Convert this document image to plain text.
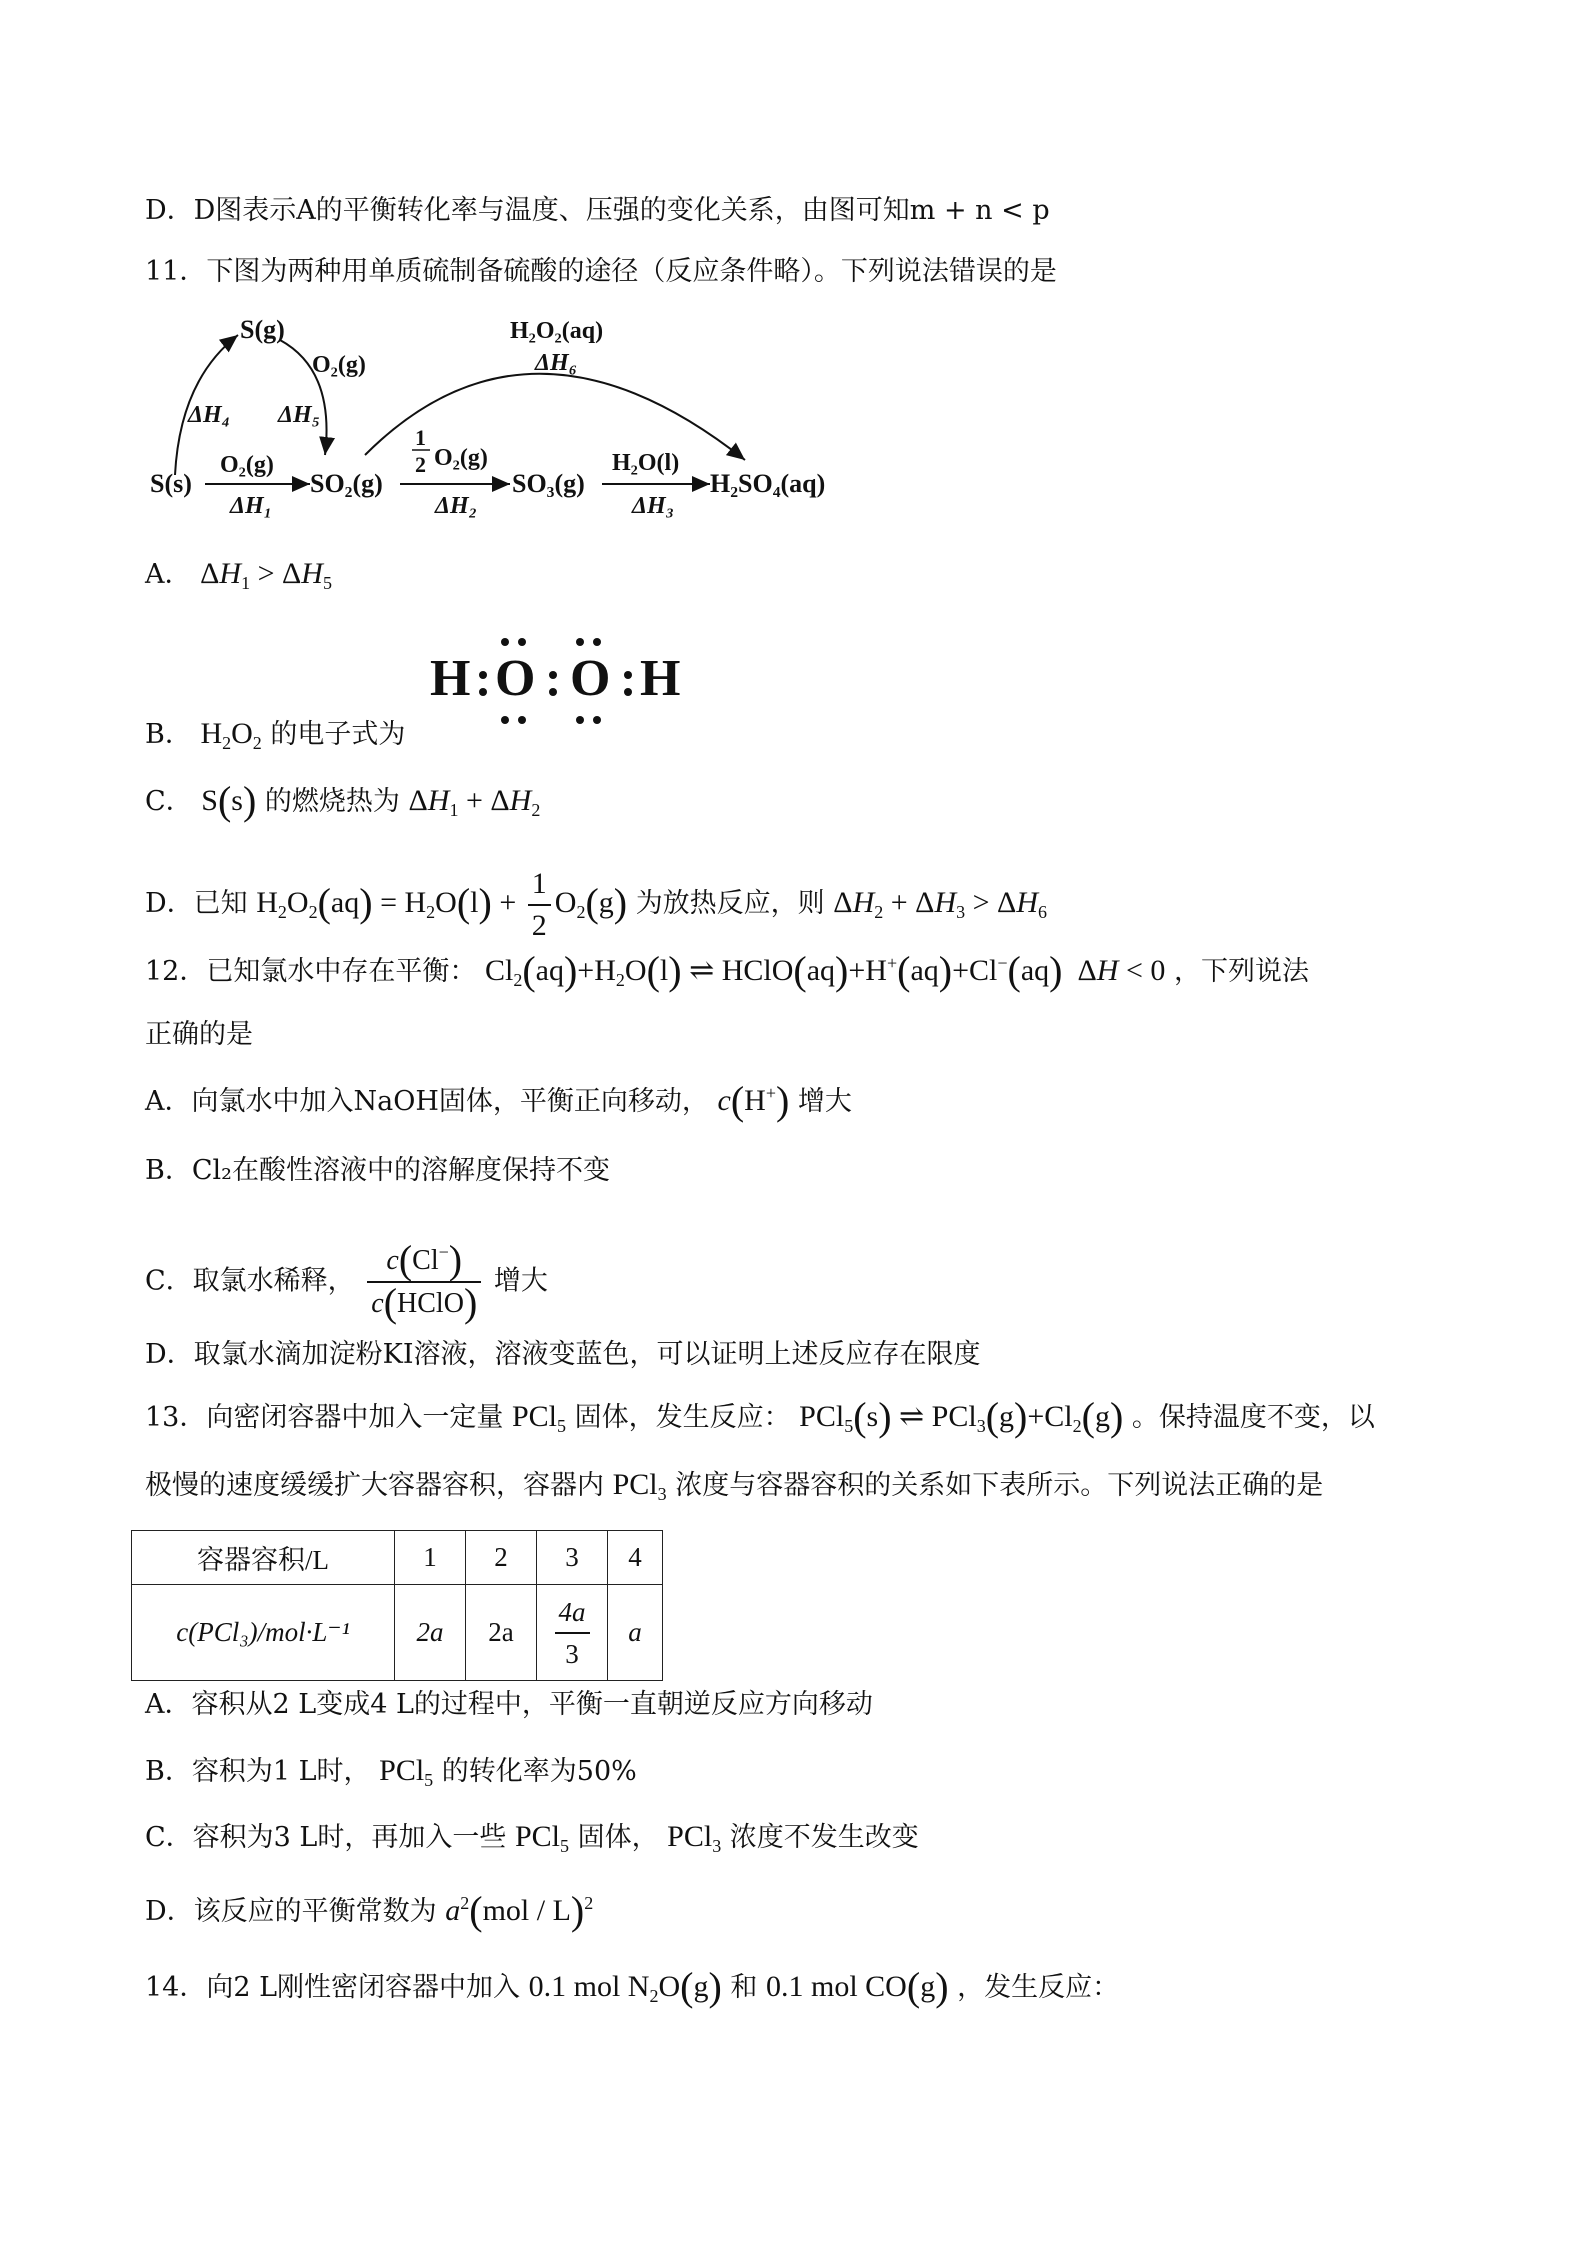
D．D图表示A的平衡转化率与温度、压强的变化关系，由图可知m + n < p
11．下图为两种用单质硫制备硫酸的途径（反应条件略）。下列说法错误的是
S(g)
O₂(g)
ΔH₄ ΔH₅
S(s)
O₂(g)
ΔH₁
SO₂(g)
1
2 O₂(g)
ΔH₂
SO₃(g)
H₂O(l)
ΔH₃
H₂SO₄(aq)
H₂O₂(aq)
ΔH₆
A． $\Delta H_1 > \Delta H_5$
B． $H_2O_2$ 的电子式为
H:O:O:H
H O O H
C． S(s) 的燃烧热为 $\Delta H_1 + \Delta H_2$
D．已知 $H_2O_2(aq) = H_2O(l) + \frac{1}{2} O_2(g)$ 为放热反应，则 $\Delta H_2 + \Delta H_3 > \Delta H_6$
12．已知氯水中存在平衡： $Cl_2(aq)+H_2O(l)$ ⇌ HClO(aq)+H+(aq)+Cl−(aq)  ΔH < 0 ，下列说法
正确的是
A．向氯水中加入NaOH固体，平衡正向移动， c(H+) 增大
B．Cl₂在酸性溶液中的溶解度保持不变
C．取氯水稀释， $\frac{c(Cl^-)}{\text{c(HClO)}}$ 增大
D．取氯水滴加淀粉KI溶液，溶液变蓝色，可以证明上述反应存在限度
13．向密闭容器中加入一定量 PCl$_5$ 固体，发生反应： PCl$_5$(s) ⇌ $PCl_3(g)+Cl_2(g)$ 。保持温度不变，以
极慢的速度缓缓扩大容器容积，容器内 PCl$_3$ 浓度与容器容积的关系如下表所示。下列说法正确的是
容器容积/L	1	2	3	4
c(PCl₃)/mol·L⁻¹	2a	2a	$\frac{4a}{3}$	a
A．容积从2 L变成4 L的过程中，平衡一直朝逆反应方向移动
B．容积为1 L时， PCl$_5$ 的转化率为50%
C．容积为3 L时，再加入一些 PCl$_5$ 固体， PCl$_3$ 浓度不发生改变
D．该反应的平衡常数为 $a^2(mol / L)^2$
14．向2 L刚性密闭容器中加入 0.1 mol $N_2O(g)$ 和 0.1 mol CO(g) ，发生反应：
